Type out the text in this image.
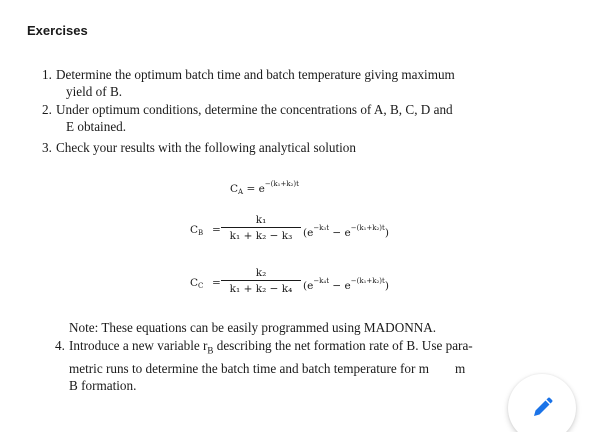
Exercises
1. Determine the optimum batch time and batch temperature giving maximum
yield of B.
2. Under optimum conditions, determine the concentrations of A, B, C, D and
E obtained.
3. Check your results with the following analytical solution
$C_A = e^{-(k_1+k_2)t}$
$C_B$ =
k₁
k₁ + k₂ − k₃	$(e^{-k_3t} - e^{-(k_1+k_2)t})$
$C_C$ =
k₂
k₁ + k₂ − k₄	$(e^{-k_4t} - e^{-(k_1+k_2)t})$
Note: These equations can be easily programmed using MADONNA.
4. Introduce a new variable $r_B$ describing the net formation rate of B. Use para-
metric runs to determine the batch time and batch temperature for m m
B formation.
